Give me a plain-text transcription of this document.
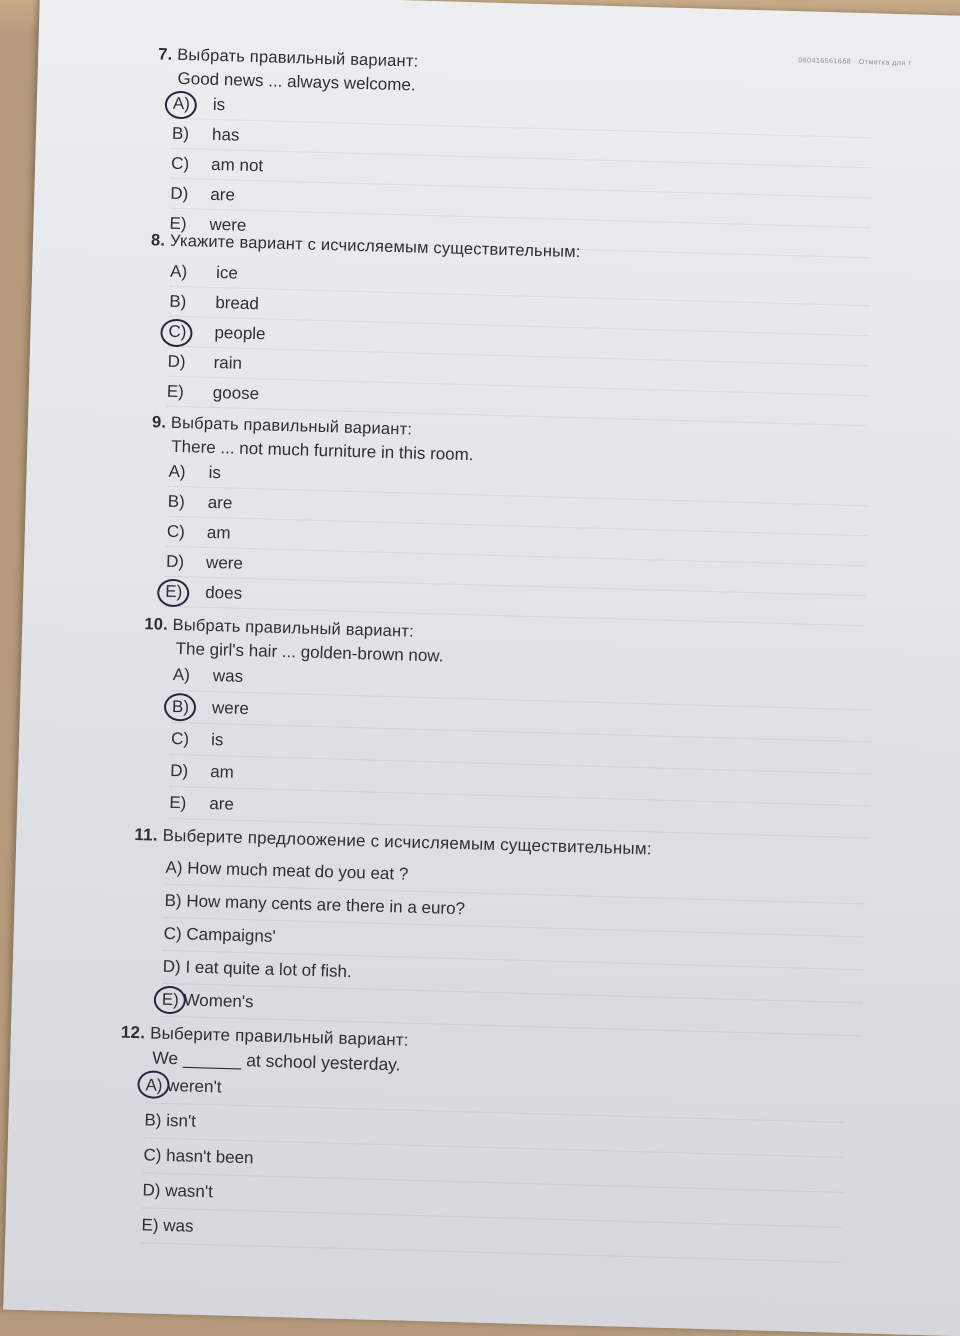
0604165616б8 · Отметка для т
7. Выбрать правильный вариант:
Good news ... always welcome.
A) is
B) has
C) am not
D) are
E) were
8. Укажите вариант с исчисляемым существительным:
A) ice
B) bread
C) people
D) rain
E) goose
9. Выбрать правильный вариант:
There ... not much furniture in this room.
A) is
B) are
C) am
D) were
E) does
10. Выбрать правильный вариант:
The girl's hair ... golden-brown now.
A) was
B) were
C) is
D) am
E) are
11. Выберите предлоожение с исчисляемым существительным:
A) How much meat do you eat ?
B) How many cents are there in a euro?
C) Campaigns'
D) I eat quite a lot of fish.
E) Women's
12. Выберите правильный вариант:
We ______ at school yesterday.
A) weren't
B) isn't
C) hasn't been
D) wasn't
E) was
